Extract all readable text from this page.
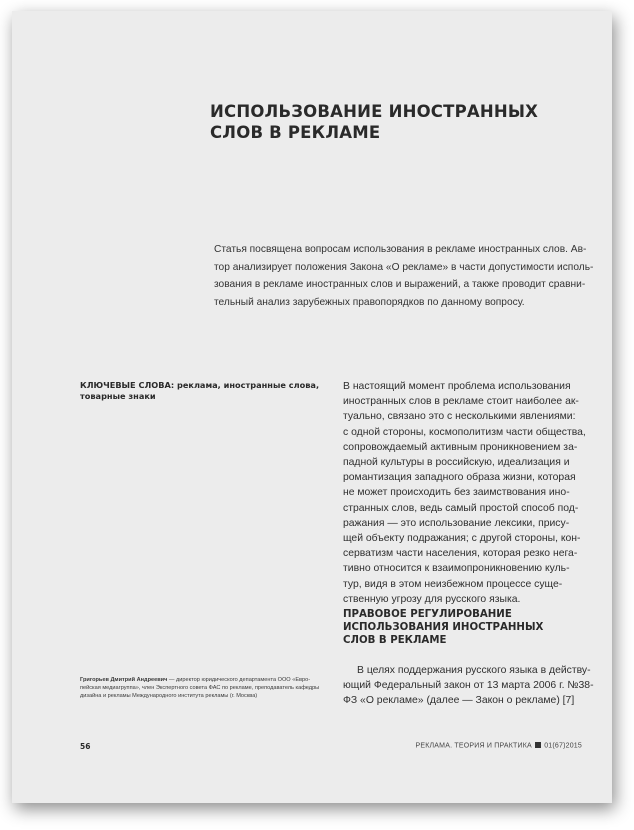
ИСПОЛЬЗОВАНИЕ ИНОСТРАННЫХ
СЛОВ В РЕКЛАМЕ
Статья посвящена вопросам использования в рекламе иностранных слов. Ав-
тор анализирует положения Закона «О рекламе» в части допустимости исполь-
зования в рекламе иностранных слов и выражений, а также проводит сравни-
тельный анализ зарубежных правопорядков по данному вопросу.
КЛЮЧЕВЫЕ СЛОВА: реклама, иностранные слова, товарные знаки
В настоящий момент проблема использования
иностранных слов в рекламе стоит наиболее ак-
туально, связано это с несколькими явлениями:
с одной стороны, космополитизм части общества,
сопровождаемый активным проникновением за-
падной культуры в российскую, идеализация и
романтизация западного образа жизни, которая
не может происходить без заимствования ино-
странных слов, ведь самый простой способ под-
ражания — это использование лексики, прису-
щей объекту подражания; с другой стороны, кон-
серватизм части населения, которая резко нега-
тивно относится к взаимопроникновению куль-
тур, видя в этом неизбежном процессе суще-
ственную угрозу для русского языка.
ПРАВОВОЕ РЕГУЛИРОВАНИЕ
ИСПОЛЬЗОВАНИЯ ИНОСТРАННЫХ
СЛОВ В РЕКЛАМЕ
В целях поддержания русского языка в действу-
ющий Федеральный закон от 13 марта 2006 г. №38-
ФЗ «О рекламе» (далее — Закон о рекламе) [7]
Григорьев Дмитрий Андреевич — директор юридического департамента ООО «Евро-
пейская медиагруппа», член Экспертного совета ФАС по рекламе, преподаватель кафедры
дизайна и рекламы Международного института рекламы (г. Москва)
56	РЕКЛАМА. ТЕОРИЯ И ПРАКТИКА 01(67)2015
